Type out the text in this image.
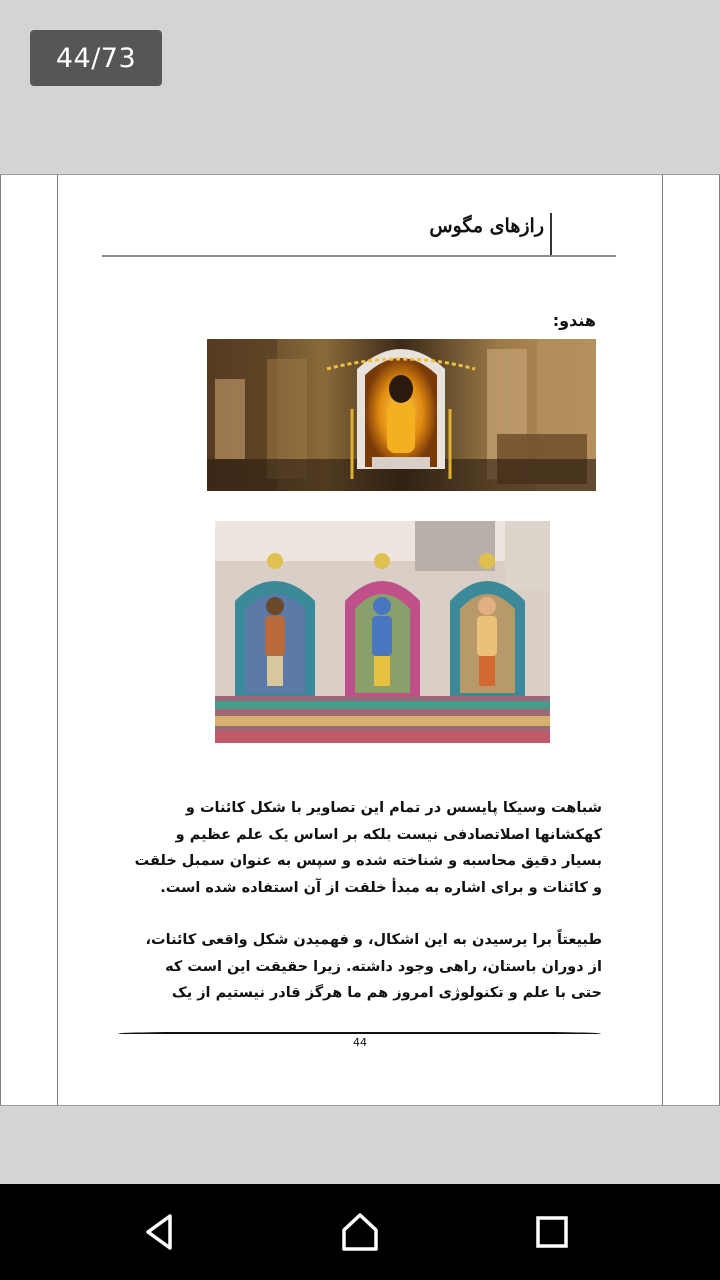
44/73
رازهای مگوس
هندو:
شباهت وسیکا پایسس در تمام این تصاویر با شکل کائنات و
کهکشانها اصلاتصادفی نیست بلکه بر اساس یک علم عظیم و
بسیار دقیق محاسبه و شناخته شده و سپس به عنوان سمبل خلقت
و کائنات و برای اشاره به مبدأ خلقت از آن استفاده شده است.
طبیعتاً برا یرسیدن به این اشکال، و فهمیدن شکل واقعی کائنات،
از دوران باستان، راهی وجود داشته. زیرا حقیقت این است که
حتی با علم و تکنولوژی امروز هم ما هرگز قادر نیستیم از یک
44
